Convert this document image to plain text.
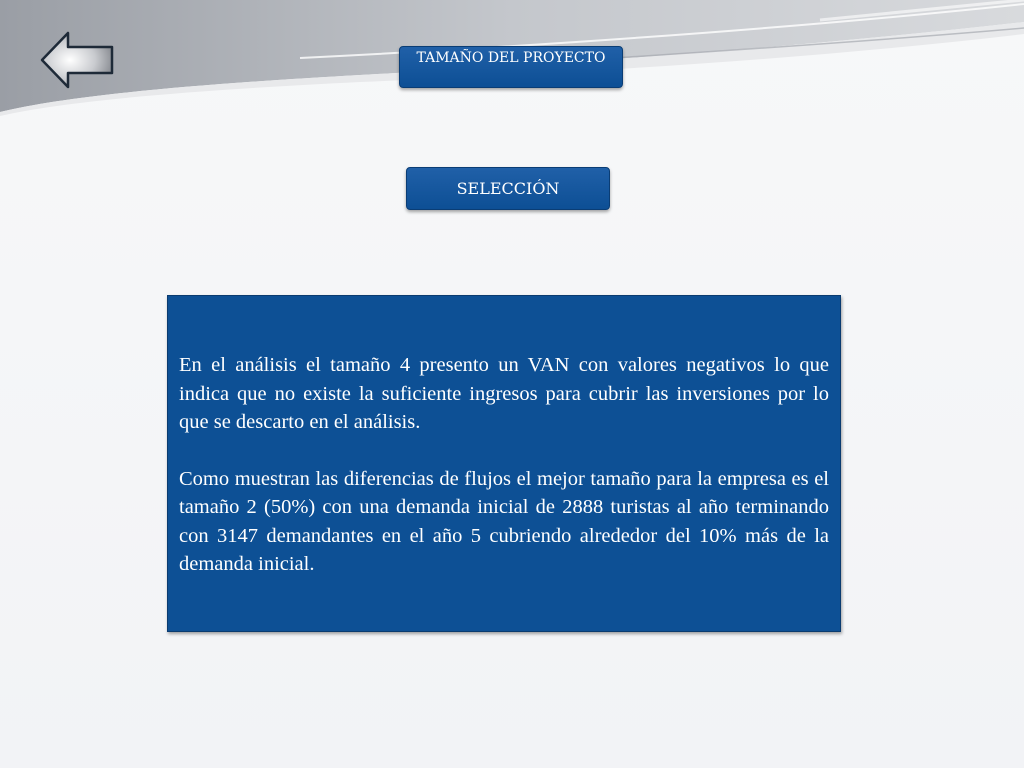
TAMAÑO DEL PROYECTO
SELECCIÓN

En el análisis el tamaño 4 presento un VAN con valores negativos lo que indica que no existe la suficiente ingresos para cubrir las inversiones por lo que se descarto en el análisis.

Como muestran las diferencias de flujos el mejor tamaño para la empresa es el tamaño 2 (50%) con una demanda inicial de 2888 turistas al año terminando con 3147 demandantes en el año 5 cubriendo alrededor del 10% más de la demanda inicial.
